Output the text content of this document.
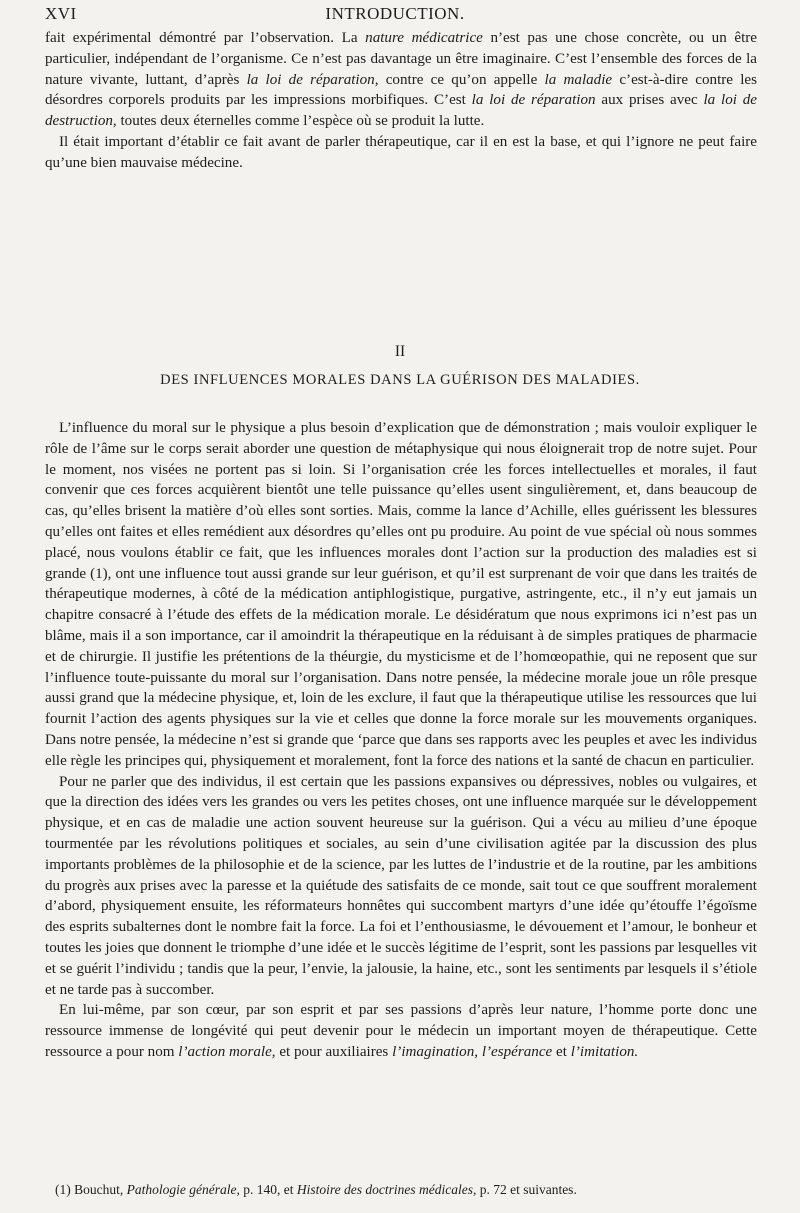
XVI	INTRODUCTION.

fait expérimental démontré par l’observation. La nature médicatrice n’est pas une chose concrète, ou un être particulier, indépendant de l’organisme. Ce n’est pas davantage un être imaginaire. C’est l’ensemble des forces de la nature vivante, luttant, d’après la loi de réparation, contre ce qu’on appelle la maladie c’est-à-dire contre les désordres corporels produits par les impressions morbifiques. C’est la loi de réparation aux prises avec la loi de destruction, toutes deux éternelles comme l’espèce où se produit la lutte.

Il était important d’établir ce fait avant de parler thérapeutique, car il en est la base, et qui l’ignore ne peut faire qu’une bien mauvaise médecine.

II
DES INFLUENCES MORALES DANS LA GUÉRISON DES MALADIES.

L’influence du moral sur le physique a plus besoin d’explication que de démonstration ; mais vouloir expliquer le rôle de l’âme sur le corps serait aborder une question de métaphysique qui nous éloignerait trop de notre sujet. Pour le moment, nos visées ne portent pas si loin. Si l’organisation crée les forces intellectuelles et morales, il faut convenir que ces forces acquièrent bientôt une telle puissance qu’elles usent singulièrement, et, dans beaucoup de cas, qu’elles brisent la matière d’où elles sont sorties. Mais, comme la lance d’Achille, elles guérissent les blessures qu’elles ont faites et elles remédient aux désordres qu’elles ont pu produire. Au point de vue spécial où nous sommes placé, nous voulons établir ce fait, que les influences morales dont l’action sur la production des maladies est si grande (1), ont une influence tout aussi grande sur leur guérison, et qu’il est surprenant de voir que dans les traités de thérapeutique modernes, à côté de la médication antiphlogistique, purgative, astringente, etc., il n’y eut jamais un chapitre consacré à l’étude des effets de la médication morale. Le désidératum que nous exprimons ici n’est pas un blâme, mais il a son importance, car il amoindrit la thérapeutique en la réduisant à de simples pratiques de pharmacie et de chirurgie. Il justifie les prétentions de la théurgie, du mysticisme et de l’homœopathie, qui ne reposent que sur l’influence toute-puissante du moral sur l’organisation. Dans notre pensée, la médecine morale joue un rôle presque aussi grand que la médecine physique, et, loin de les exclure, il faut que la thérapeutique utilise les ressources que lui fournit l’action des agents physiques sur la vie et celles que donne la force morale sur les mouvements organiques. Dans notre pensée, la médecine n’est si grande que ‘parce que dans ses rapports avec les peuples et avec les individus elle règle les principes qui, physiquement et moralement, font la force des nations et la santé de chacun en particulier.

Pour ne parler que des individus, il est certain que les passions expansives ou dépressives, nobles ou vulgaires, et que la direction des idées vers les grandes ou vers les petites choses, ont une influence marquée sur le développement physique, et en cas de maladie une action souvent heureuse sur la guérison. Qui a vécu au milieu d’une époque tourmentée par les révolutions politiques et sociales, au sein d’une civilisation agitée par la discussion des plus importants problèmes de la philosophie et de la science, par les luttes de l’industrie et de la routine, par les ambitions du progrès aux prises avec la paresse et la quiétude des satisfaits de ce monde, sait tout ce que souffrent moralement d’abord, physiquement ensuite, les réformateurs honnêtes qui succombent martyrs d’une idée qu’étouffe l’égoïsme des esprits subalternes dont le nombre fait la force. La foi et l’enthousiasme, le dévouement et l’amour, le bonheur et toutes les joies que donnent le triomphe d’une idée et le succès légitime de l’esprit, sont les passions par lesquelles vit et se guérit l’individu ; tandis que la peur, l’envie, la jalousie, la haine, etc., sont les sentiments par lesquels il s’étiole et ne tarde pas à succomber.

En lui-même, par son cœur, par son esprit et par ses passions d’après leur nature, l’homme porte donc une ressource immense de longévité qui peut devenir pour le médecin un important moyen de thérapeutique. Cette ressource a pour nom l’action morale, et pour auxiliaires l’imagination, l’espérance et l’imitation.

(1) Bouchut, Pathologie générale, p. 140, et Histoire des doctrines médicales, p. 72 et suivantes.
